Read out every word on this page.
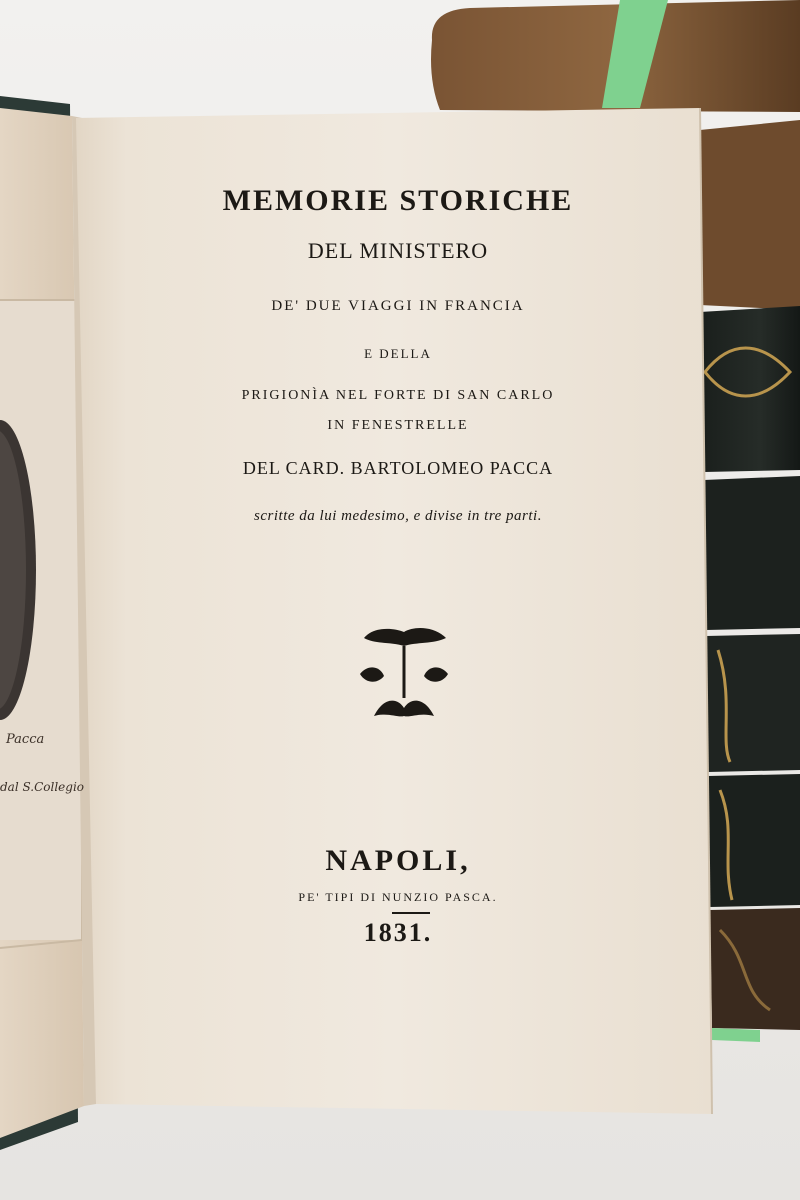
MEMORIE STORICHE
DEL MINISTERO
DE' DUE VIAGGI IN FRANCIA
E DELLA
PRIGIONÌA NEL FORTE DI SAN CARLO
IN FENESTRELLE
DEL CARD. BARTOLOMEO PACCA
scritte da lui medesimo, e divise in tre parti.
NAPOLI,
PE' TIPI DI NUNZIO PASCA.
1831.
Pacca
dal S.Collegio
